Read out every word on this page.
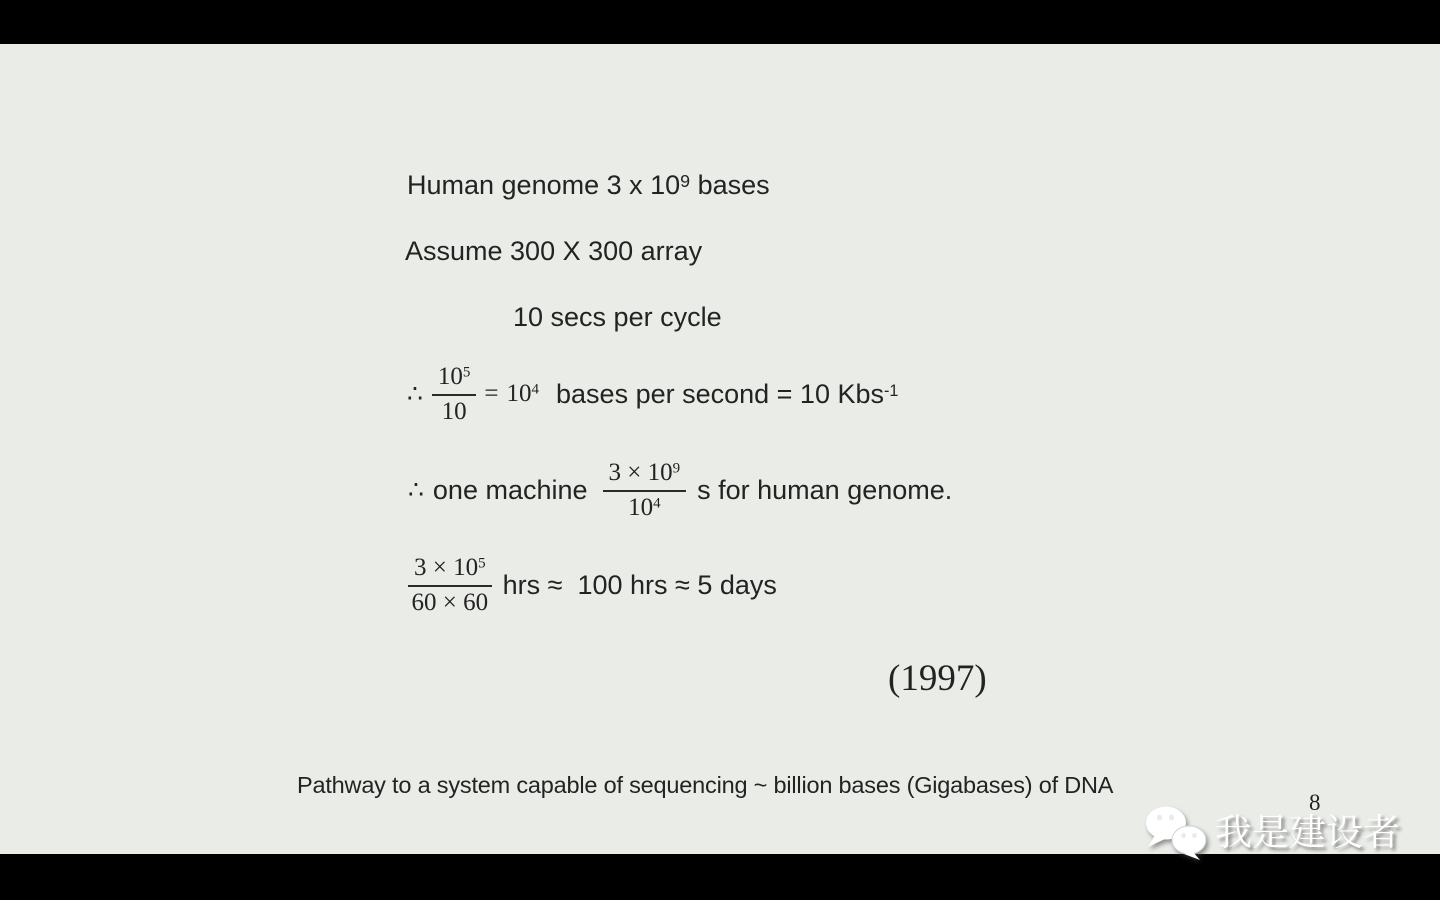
Human genome 3 x $10^9$ bases
Assume 300 X 300 array
10 secs per cycle
∴ $\frac{10^5}{10} = 10^4$ bases per second = 10 Kbs$^{-1}$
∴ one machine $\frac{3 \times 10^9}{10^4}$ s for human genome.
$\frac{3 \times 10^5}{60 \times 60}$ hrs ≈  100 hrs ≈ 5 days
(1997)
Pathway to a system capable of sequencing ~ billion bases (Gigabases) of DNA
8
我是建设者
